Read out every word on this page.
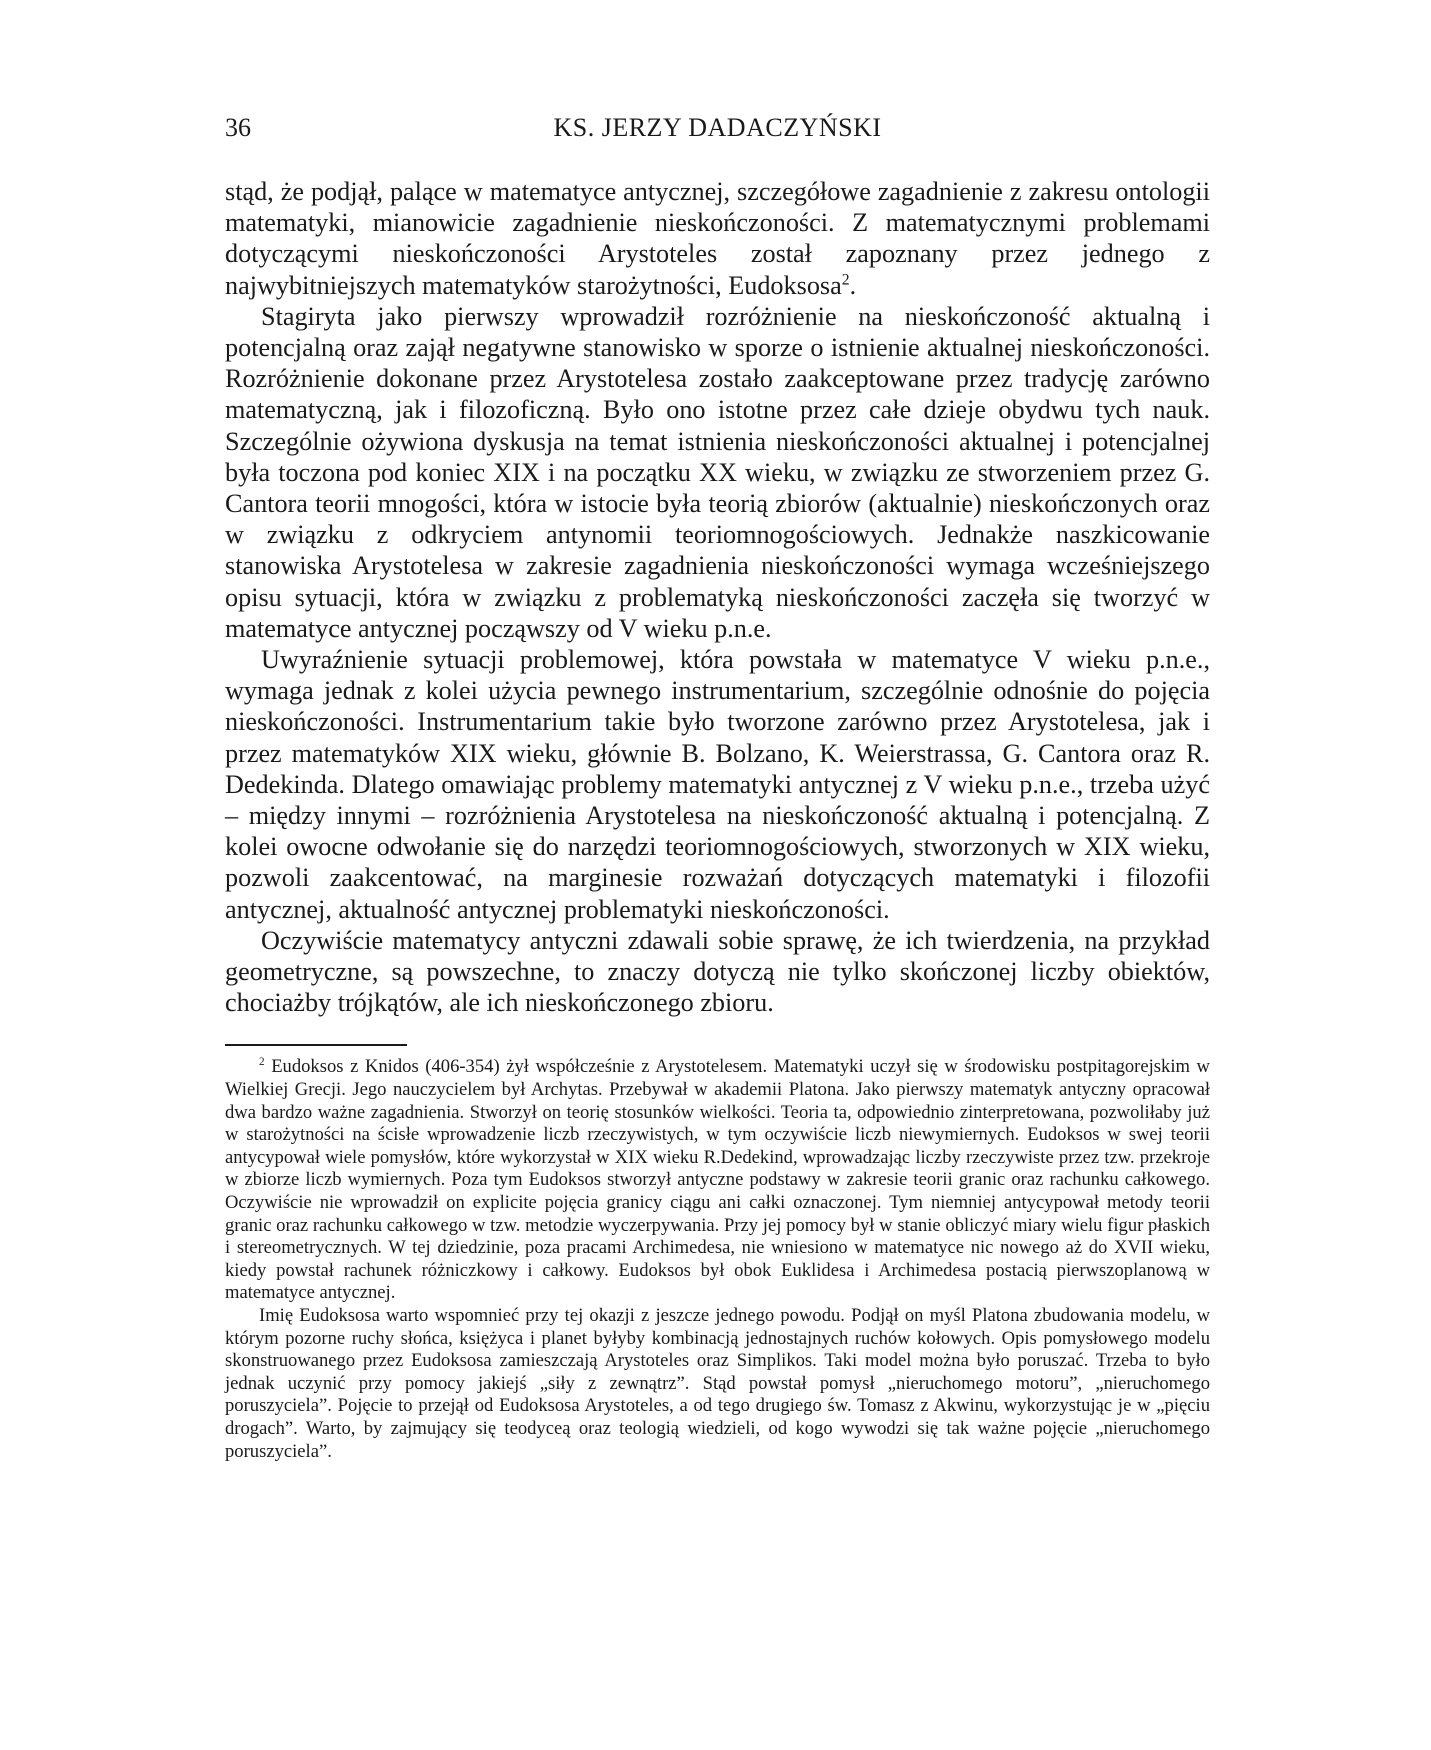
36	KS. JERZY DADACZYŃSKI

stąd, że podjął, palące w matematyce antycznej, szczegółowe zagadnienie z zakresu ontologii matematyki, mianowicie zagadnienie nieskończoności. Z matematycznymi problemami dotyczącymi nieskończoności Arystoteles został zapoznany przez jednego z najwybitniejszych matematyków starożytności, Eudoksosa$^2$.

Stagiryta jako pierwszy wprowadził rozróżnienie na nieskończoność aktualną i potencjalną oraz zajął negatywne stanowisko w sporze o istnienie aktualnej nieskończoności. Rozróżnienie dokonane przez Arystotelesa zostało zaakceptowane przez tradycję zarówno matematyczną, jak i filozoficzną. Było ono istotne przez całe dzieje obydwu tych nauk. Szczególnie ożywiona dyskusja na temat istnienia nieskończoności aktualnej i potencjalnej była toczona pod koniec XIX i na początku XX wieku, w związku ze stworzeniem przez G. Cantora teorii mnogości, która w istocie była teorią zbiorów (aktualnie) nieskończonych oraz w związku z odkryciem antynomii teoriomnogościowych. Jednakże naszkicowanie stanowiska Arystotelesa w zakresie zagadnienia nieskończoności wymaga wcześniejszego opisu sytuacji, która w związku z problematyką nieskończoności zaczęła się tworzyć w matematyce antycznej począwszy od V wieku p.n.e.

Uwyraźnienie sytuacji problemowej, która powstała w matematyce V wieku p.n.e., wymaga jednak z kolei użycia pewnego instrumentarium, szczególnie odnośnie do pojęcia nieskończoności. Instrumentarium takie było tworzone zarówno przez Arystotelesa, jak i przez matematyków XIX wieku, głównie B. Bolzano, K. Weierstrassa, G. Cantora oraz R. Dedekinda. Dlatego omawiając problemy matematyki antycznej z V wieku p.n.e., trzeba użyć – między innymi – rozróżnienia Arystotelesa na nieskończoność aktualną i potencjalną. Z kolei owocne odwołanie się do narzędzi teoriomnogościowych, stworzonych w XIX wieku, pozwoli zaakcentować, na marginesie rozważań dotyczących matematyki i filozofii antycznej, aktualność antycznej problematyki nieskończoności.

Oczywiście matematycy antyczni zdawali sobie sprawę, że ich twierdzenia, na przykład geometryczne, są powszechne, to znaczy dotyczą nie tylko skończonej liczby obiektów, chociażby trójkątów, ale ich nieskończonego zbioru.

$^2$ Eudoksos z Knidos (406-354) żył współcześnie z Arystotelesem. Matematyki uczył się w środowisku postpitagorejskim w Wielkiej Grecji. Jego nauczycielem był Archytas. Przebywał w akademii Platona. Jako pierwszy matematyk antyczny opracował dwa bardzo ważne zagadnienia. Stworzył on teorię stosunków wielkości. Teoria ta, odpowiednio zinterpretowana, pozwoliłaby już w starożytności na ścisłe wprowadzenie liczb rzeczywistych, w tym oczywiście liczb niewymiernych. Eudoksos w swej teorii antycypował wiele pomysłów, które wykorzystał w XIX wieku R.Dedekind, wprowadzając liczby rzeczywiste przez tzw. przekroje w zbiorze liczb wymiernych. Poza tym Eudoksos stworzył antyczne podstawy w zakresie teorii granic oraz rachunku całkowego. Oczywiście nie wprowadził on explicite pojęcia granicy ciągu ani całki oznaczonej. Tym niemniej antycypował metody teorii granic oraz rachunku całkowego w tzw. metodzie wyczerpywania. Przy jej pomocy był w stanie obliczyć miary wielu figur płaskich i stereometrycznych. W tej dziedzinie, poza pracami Archimedesa, nie wniesiono w matematyce nic nowego aż do XVII wieku, kiedy powstał rachunek różniczkowy i całkowy. Eudoksos był obok Euklidesa i Archimedesa postacią pierwszoplanową w matematyce antycznej.

Imię Eudoksosa warto wspomnieć przy tej okazji z jeszcze jednego powodu. Podjął on myśl Platona zbudowania modelu, w którym pozorne ruchy słońca, księżyca i planet byłyby kombinacją jednostajnych ruchów kołowych. Opis pomysłowego modelu skonstruowanego przez Eudoksosa zamieszczają Arystoteles oraz Simplikos. Taki model można było poruszać. Trzeba to było jednak uczynić przy pomocy jakiejś „siły z zewnątrz”. Stąd powstał pomysł „nieruchomego motoru”, „nieruchomego poruszyciela”. Pojęcie to przejął od Eudoksosa Arystoteles, a od tego drugiego św. Tomasz z Akwinu, wykorzystując je w „pięciu drogach”. Warto, by zajmujący się teodyceą oraz teologią wiedzieli, od kogo wywodzi się tak ważne pojęcie „nieruchomego poruszyciela”.
